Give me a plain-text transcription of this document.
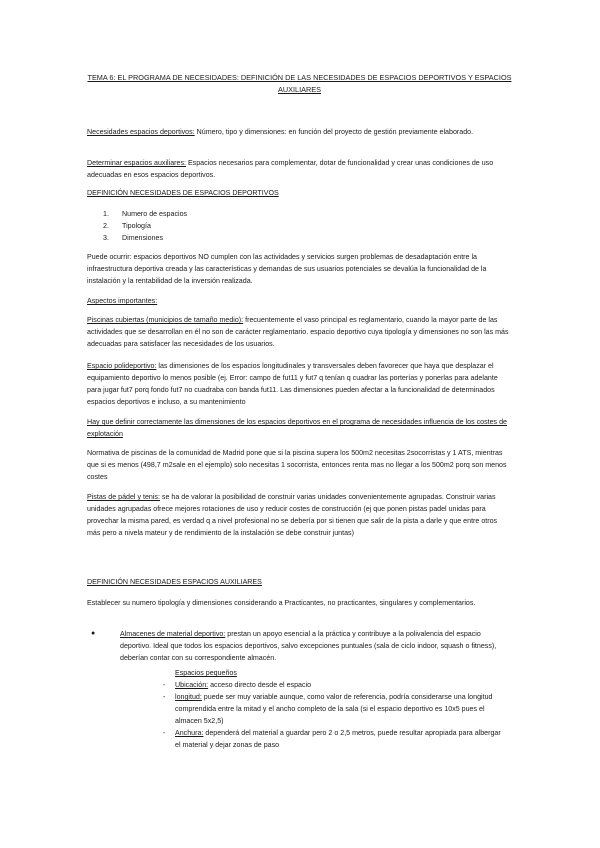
TEMA 6: EL PROGRAMA DE NECESIDADES: DEFINICIÓN DE LAS NECESIDADES DE ESPACIOS DEPORTIVOS Y ESPACIOS AUXILIARES
Necesidades espacios deportivos: Número, tipo y dimensiones: en función del proyecto de gestión previamente elaborado.
Determinar espacios auxiliares: Espacios necesarios para complementar, dotar de funcionalidad y crear unas condiciones de uso adecuadas en esos espacios deportivos.
DEFINICIÓN NECESIDADES DE ESPACIOS DEPORTIVOS
1. Numero de espacios
2. Tipología
3. Dimensiones
Puede ocurrir: espacios deportivos NO cumplen con las actividades y servicios surgen problemas de desadaptación entre la infraestructura deportiva creada y las características y demandas de sus usuarios potenciales se devalúa la funcionalidad de la instalación y la rentabilidad de la inversión realizada.
Aspectos importantes:
Piscinas cubiertas (municipios de tamaño medio): frecuentemente el vaso principal es reglamentario, cuando la mayor parte de las actividades que se desarrollan en él no son de carácter reglamentario. espacio deportivo cuya tipología y dimensiones no son las más adecuadas para satisfacer las necesidades de los usuarios.
Espacio polideportivo: las dimensiones de los espacios longitudinales y transversales deben favorecer que haya que desplazar el equipamiento deportivo lo menos posible (ej. Error: campo de fut11 y fut7 q tenían q cuadrar las porterías y ponerlas para adelante para jugar fut7 porq fondo fut7 no cuadraba con banda fut11. Las dimensiones pueden afectar a la funcionalidad de determinados espacios deportivos e incluso, a su mantenimiento
Hay que definir correctamente las dimensiones de los espacios deportivos en el programa de necesidades influencia de los costes de explotación
Normativa de piscinas de la comunidad de Madrid pone que si la piscina supera los 500m2 necesitas 2socorristas y 1 ATS, mientras que si es menos (498,7 m2sale en el ejemplo) solo necesitas 1 socorrista, entonces renta mas no llegar a los 500m2 porq son menos costes
Pistas de pádel y tenis: se ha de valorar la posibilidad de construir varias unidades convenientemente agrupadas. Construir varias unidades agrupadas ofrece mejores rotaciones de uso y reducir costes de construcción (ej que ponen pistas padel unidas para provechar la misma pared, es verdad q a nivel profesional no se debería por si tienen que salir de la pista a darle y que entre otros más pero a nivela mateur y de rendimiento de la instalación se debe construir juntas)
DEFINICIÓN NECESIDADES ESPACIOS AUXILIARES
Establecer su numero tipología y dimensiones considerando a Practicantes, no practicantes, singulares y complementarios.
●	Almacenes de material deportivo: prestan un apoyo esencial a la práctica y contribuye a la polivalencia del espacio deportivo. Ideal que todos los espacios deportivos, salvo excepciones puntuales (sala de ciclo indoor, squash o fitness), deberían contar con su correspondiente almacén.
Espacios pequeños
- Ubicación: acceso directo desde el espacio
- longitud: puede ser muy variable aunque, como valor de referencia, podría considerarse una longitud comprendida entre la mitad y el ancho completo de la sala (si el espacio deportivo es 10x5 pues el almacen 5x2,5)
- Anchura: dependerá del material a guardar pero 2 o 2,5 metros, puede resultar apropiada para albergar el material y dejar zonas de paso
